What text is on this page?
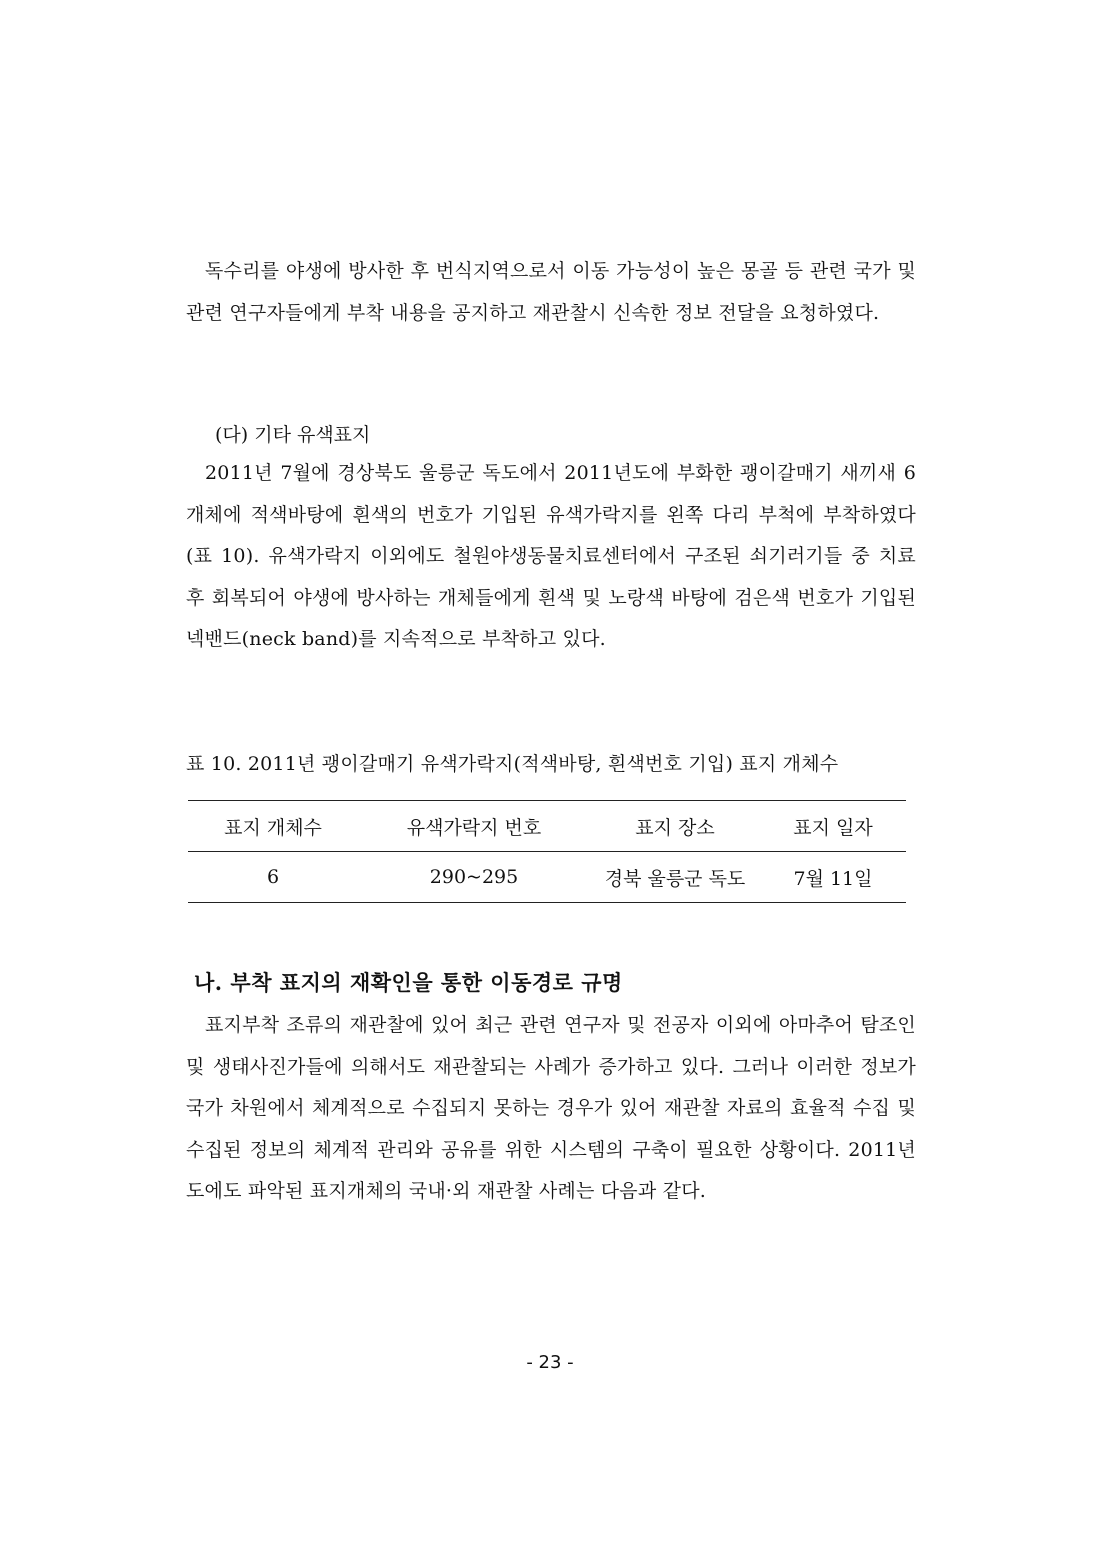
독수리를 야생에 방사한 후 번식지역으로서 이동 가능성이 높은 몽골 등 관련 국가 및 관련 연구자들에게 부착 내용을 공지하고 재관찰시 신속한 정보 전달을 요청하였다.

(다) 기타 유색표지

2011년 7월에 경상북도 울릉군 독도에서 2011년도에 부화한 괭이갈매기 새끼새 6개체에 적색바탕에 흰색의 번호가 기입된 유색가락지를 왼쪽 다리 부척에 부착하였다(표 10). 유색가락지 이외에도 철원야생동물치료센터에서 구조된 쇠기러기들 중 치료 후 회복되어 야생에 방사하는 개체들에게 흰색 및 노랑색 바탕에 검은색 번호가 기입된 넥밴드(neck band)를 지속적으로 부착하고 있다.

표 10. 2011년 괭이갈매기 유색가락지(적색바탕, 흰색번호 기입) 표지 개체수

표지 개체수	유색가락지 번호	표지 장소	표지 일자
6	290~295	경북 울릉군 독도	7월 11일
나. 부착 표지의 재확인을 통한 이동경로 규명

표지부착 조류의 재관찰에 있어 최근 관련 연구자 및 전공자 이외에 아마추어 탐조인 및 생태사진가들에 의해서도 재관찰되는 사례가 증가하고 있다. 그러나 이러한 정보가 국가 차원에서 체계적으로 수집되지 못하는 경우가 있어 재관찰 자료의 효율적 수집 및 수집된 정보의 체계적 관리와 공유를 위한 시스템의 구축이 필요한 상황이다. 2011년도에도 파악된 표지개체의 국내·외 재관찰 사례는 다음과 같다.

- 23 -
